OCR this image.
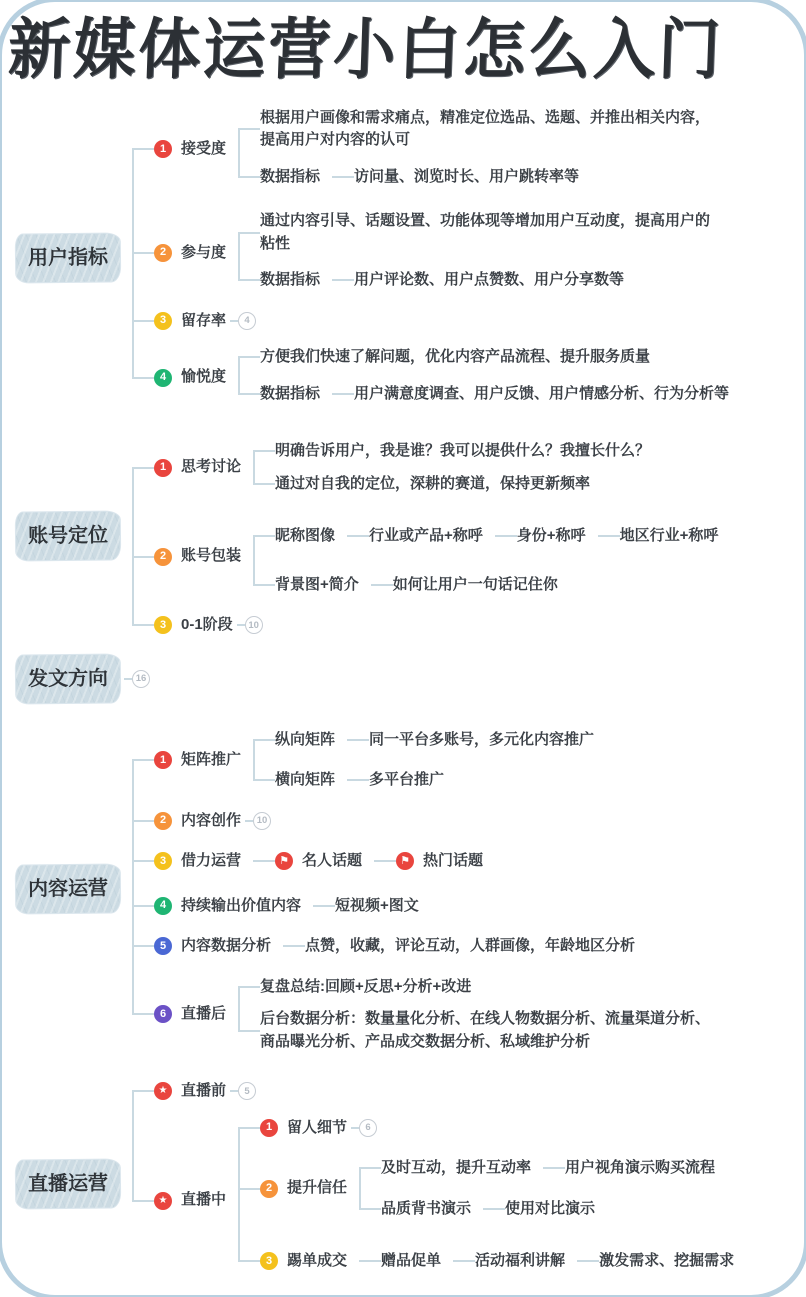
新媒体运营小白怎么入门
用户指标
1 接受度
根据用户画像和需求痛点，精准定位选品、选题、并推出相关内容，提高用户对内容的认可
数据指标 访问量、浏览时长、用户跳转率等
2 参与度
通过内容引导、话题设置、功能体现等增加用户互动度，提高用户的粘性
数据指标 用户评论数、用户点赞数、用户分享数等
3 留存率	4
4 愉悦度
方便我们快速了解问题，优化内容产品流程、提升服务质量
数据指标 用户满意度调查、用户反馈、用户情感分析、行为分析等
账号定位
1 思考讨论
明确告诉用户，我是谁？我可以提供什么？我擅长什么？
通过对自我的定位，深耕的赛道，保持更新频率
2 账号包装
昵称图像 行业或产品+称呼 身份+称呼 地区行业+称呼
背景图+简介 如何让用户一句话记住你
3 0-1阶段	10
发文方向	16
内容运营
1 矩阵推广
纵向矩阵 同一平台多账号，多元化内容推广
横向矩阵 多平台推广
2 内容创作	10
3 借力运营	⚑ 名人话题	⚑ 热门话题
4 持续输出价值内容 短视频+图文
5 内容数据分析 点赞，收藏，评论互动，人群画像，年龄地区分析
6 直播后
复盘总结:回顾+反思+分析+改进
后台数据分析：数量量化分析、在线人物数据分析、流量渠道分析、商品曝光分析、产品成交数据分析、私域维护分析
直播运营
★ 直播前	5
★ 直播中
1 留人细节	6
2 提升信任
及时互动，提升互动率 用户视角演示购买流程
品质背书演示 使用对比演示
3 踢单成交 赠品促单 活动福利讲解 激发需求、挖掘需求
